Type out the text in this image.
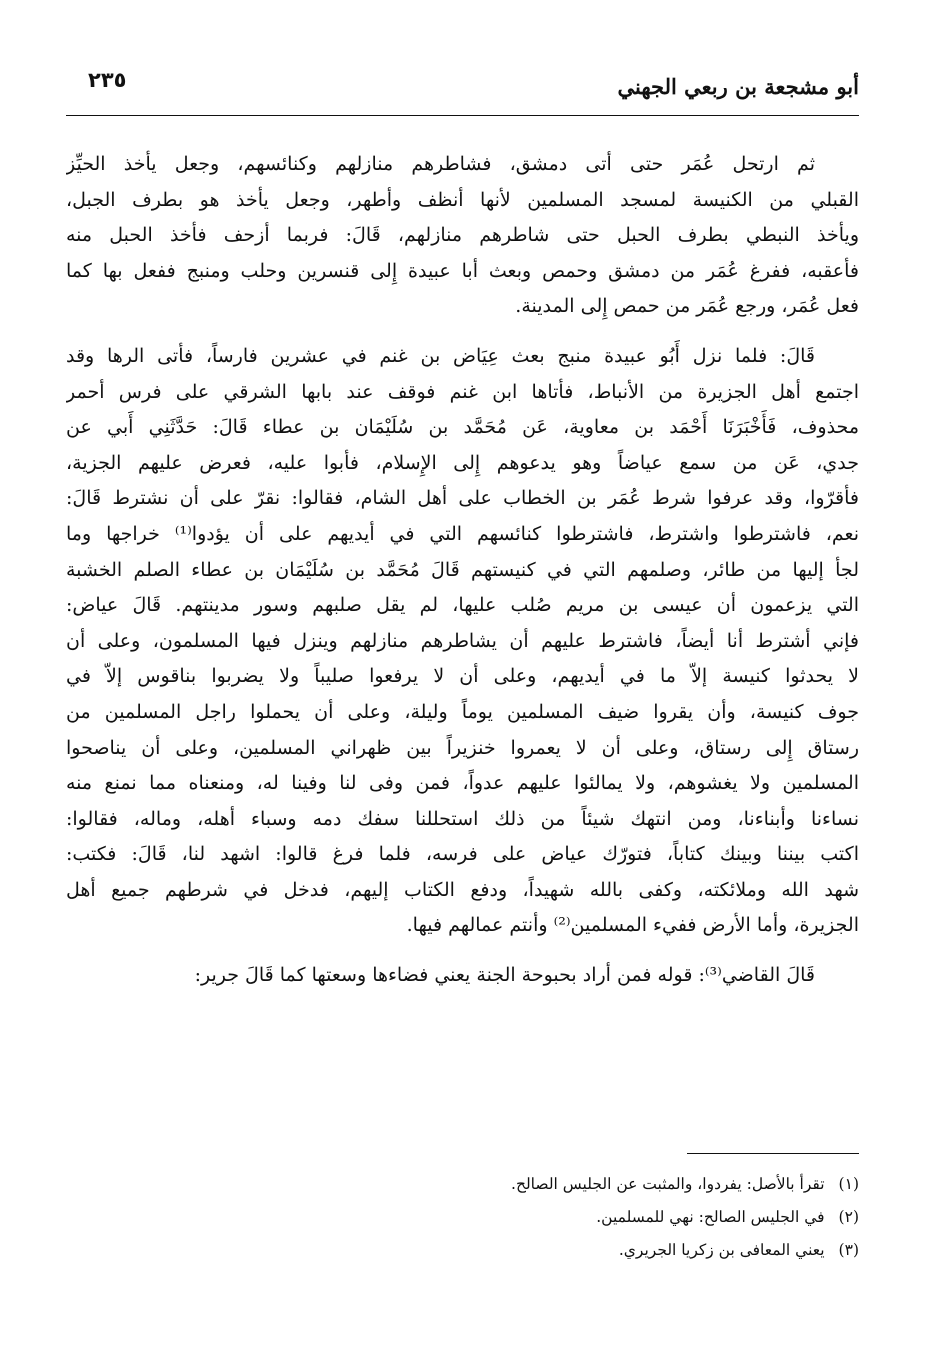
٢٣٥	أبو مشجعة بن ربعي الجهني
ثم ارتحل عُمَر حتى أتى دمشق، فشاطرهم منازلهم وكنائسهم، وجعل يأخذ الحيِّز
القبلي من الكنيسة لمسجد المسلمين لأنها أنظف وأطهر، وجعل يأخذ هو بطرف الجبل،
ويأخذ النبطي بطرف الحبل حتى شاطرهم منازلهم، قَالَ: فربما أزحف فأخذ الحبل منه
فأعقبه، ففرغ عُمَر من دمشق وحمص وبعث أبا عبيدة إِلى قنسرين وحلب ومنبج ففعل بها كما
فعل عُمَر، ورجع عُمَر من حمص إِلى المدينة.
قَالَ: فلما نزل أَبُو عبيدة منبج بعث عِيَاض بن غنم في عشرين فارساً، فأتى الرها وقد
اجتمع أهل الجزيرة من الأنباط، فأتاها ابن غنم فوقف عند بابها الشرقي على فرس أحمر
محذوف، فَأَخْبَرَنَا أَحْمَد بن معاوية، عَن مُحَمَّد بن سُلَيْمَان بن عطاء قَالَ: حَدَّثَنِي أَبي عن
جدي، عَن من سمع عياضاً وهو يدعوهم إِلى الإِسلام، فأبوا عليه، فعرض عليهم الجزية،
فأقرّوا، وقد عرفوا شرط عُمَر بن الخطاب على أهل الشام، فقالوا: نقرّ على أن نشترط قَالَ:
نعم، فاشترطوا واشترط، فاشترطوا كنائسهم التي في أيديهم على أن يؤدوا⁽¹⁾ خراجها وما
لجأ إليها من طائر، وصلمهم التي في كنيستهم قَالَ مُحَمَّد بن سُلَيْمَان بن عطاء الصلم الخشبة
التي يزعمون أن عيسى بن مريم صُلب عليها، لم يقل صلبهم وسور مدينتهم. قَالَ عياض:
فإني أشترط أنا أيضاً، فاشترط عليهم أن يشاطرهم منازلهم وينزل فيها المسلمون، وعلى أن
لا يحدثوا كنيسة إلاّ ما في أيديهم، وعلى أن لا يرفعوا صليباً ولا يضربوا بناقوس إلاّ في
جوف كنيسة، وأن يقروا ضيف المسلمين يوماً وليلة، وعلى أن يحملوا راجل المسلمين من
رستاق إِلى رستاق، وعلى أن لا يعمروا خنزيراً بين ظهراني المسلمين، وعلى أن يناصحوا
المسلمين ولا يغشوهم، ولا يمالئوا عليهم عدواً، فمن وفى لنا وفينا له، ومنعناه مما نمنع منه
نساءنا وأبناءنا، ومن انتهك شيئاً من ذلك استحللنا سفك دمه وسباء أهله، وماله، فقالوا:
اكتب بيننا وبينك كتاباً، فتورّك عياض على فرسه، فلما فرغ قالوا: اشهد لنا، قَالَ: فكتب:
شهد الله وملائكته، وكفى بالله شهيداً، ودفع الكتاب إليهم، فدخل في شرطهم جميع أهل
الجزيرة، وأما الأرض ففيء المسلمين⁽²⁾ وأنتم عمالهم فيها.
قَالَ القاضي⁽³⁾: قوله فمن أراد بحبوحة الجنة يعني فضاءها وسعتها كما قَالَ جرير:
(١)تقرأ بالأصل: يفردوا، والمثبت عن الجليس الصالح.
(٢)في الجليس الصالح: نهي للمسلمين.
(٣)يعني المعافى بن زكريا الجريري.
